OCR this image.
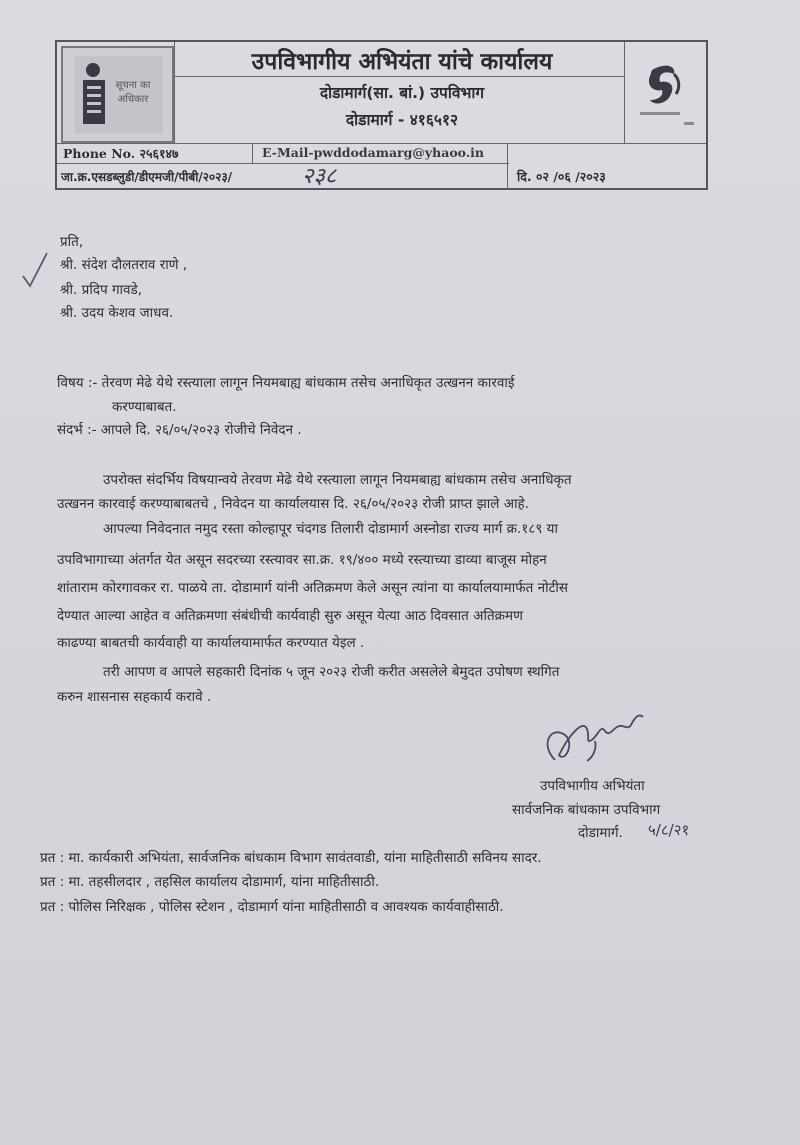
सूचना का
अधिकार
उपविभागीय अभियंता यांचे कार्यालय
दोडामार्ग(सा. बां.) उपविभाग
दोडामार्ग - ४१६५१२
Phone No. २५६१४७	E-Mail-pwddodamarg@yhaoo.in
जा.क्र.एसडब्लुडी/डीएमजी/पीबी/२०२३/	२३८	दि. ०२ /०६ /२०२३
प्रति,
श्री. संदेश दौलतराव राणे ,
श्री. प्रदिप गावडे,
श्री. उदय केशव जाधव.
विषय :- तेरवण मेढे येथे रस्त्याला लागून नियमबाह्य बांधकाम तसेच अनाधिकृत उत्खनन कारवाई
करण्याबाबत.
संदर्भ :- आपले दि. २६/०५/२०२३ रोजीचे निवेदन .
उपरोक्त संदर्भिय विषयान्वये तेरवण मेढे येथे रस्त्याला लागून नियमबाह्य बांधकाम तसेच अनाधिकृत
उत्खनन कारवाई करण्याबाबतचे , निवेदन या कार्यालयास दि. २६/०५/२०२३ रोजी प्राप्त झाले आहे.
आपल्या निवेदनात नमुद रस्ता कोल्हापूर चंदगड तिलारी दोडामार्ग अस्नोडा राज्य मार्ग क्र.१८९ या
उपविभागाच्या अंतर्गत येत असून सदरच्या रस्त्यावर सा.क्र. १९/४०० मध्ये रस्त्याच्या डाव्या बाजूस मोहन
शांताराम कोरगावकर रा. पाळये ता. दोडामार्ग यांनी अतिक्रमण केले असून त्यांना या कार्यालयामार्फत नोटीस
देण्यात आल्या आहेत व अतिक्रमणा संबंधीची कार्यवाही सुरु असून येत्या आठ दिवसात अतिक्रमण
काढण्या बाबतची कार्यवाही या कार्यालयामार्फत करण्यात येइल .
तरी आपण व आपले सहकारी दिनांक ५ जून २०२३ रोजी करीत असलेले बेमुदत उपोषण स्थगित
करुन शासनास सहकार्य करावे .
उपविभागीय अभियंता
सार्वजनिक बांधकाम उपविभाग
दोडामार्ग. ५/८/२१
प्रत : मा. कार्यकारी अभियंता, सार्वजनिक बांधकाम विभाग सावंतवाडी, यांना माहितीसाठी सविनय सादर.
प्रत : मा. तहसीलदार , तहसिल कार्यालय दोडामार्ग, यांना माहितीसाठी.
प्रत : पोलिस निरिक्षक , पोलिस स्टेशन , दोडामार्ग यांना माहितीसाठी व आवश्यक कार्यवाहीसाठी.
